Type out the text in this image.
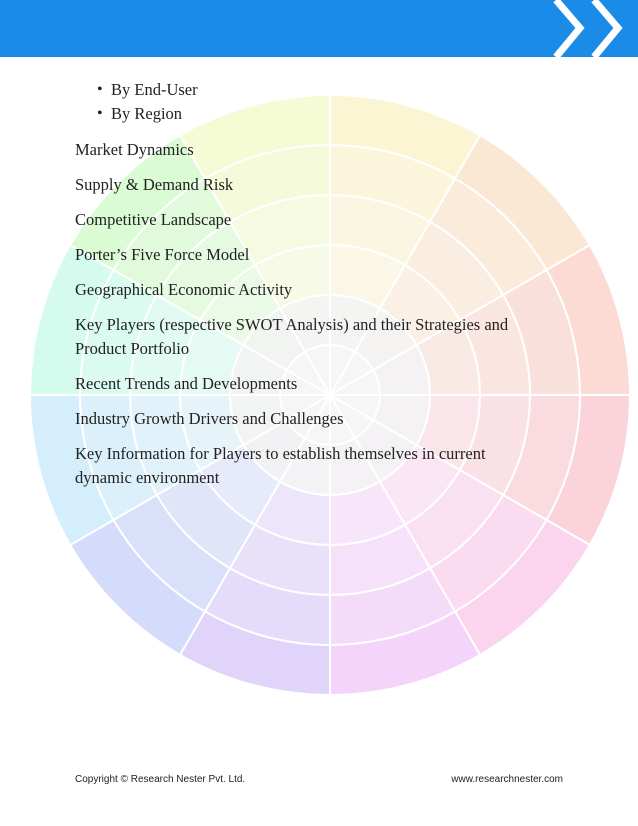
• By End-User
• By Region

Market Dynamics

Supply & Demand Risk

Competitive Landscape

Porter’s Five Force Model

Geographical Economic Activity

Key Players (respective SWOT Analysis) and their Strategies and Product Portfolio

Recent Trends and Developments

Industry Growth Drivers and Challenges

Key Information for Players to establish themselves in current dynamic environment

Copyright © Research Nester Pvt. Ltd.	www.researchnester.com
